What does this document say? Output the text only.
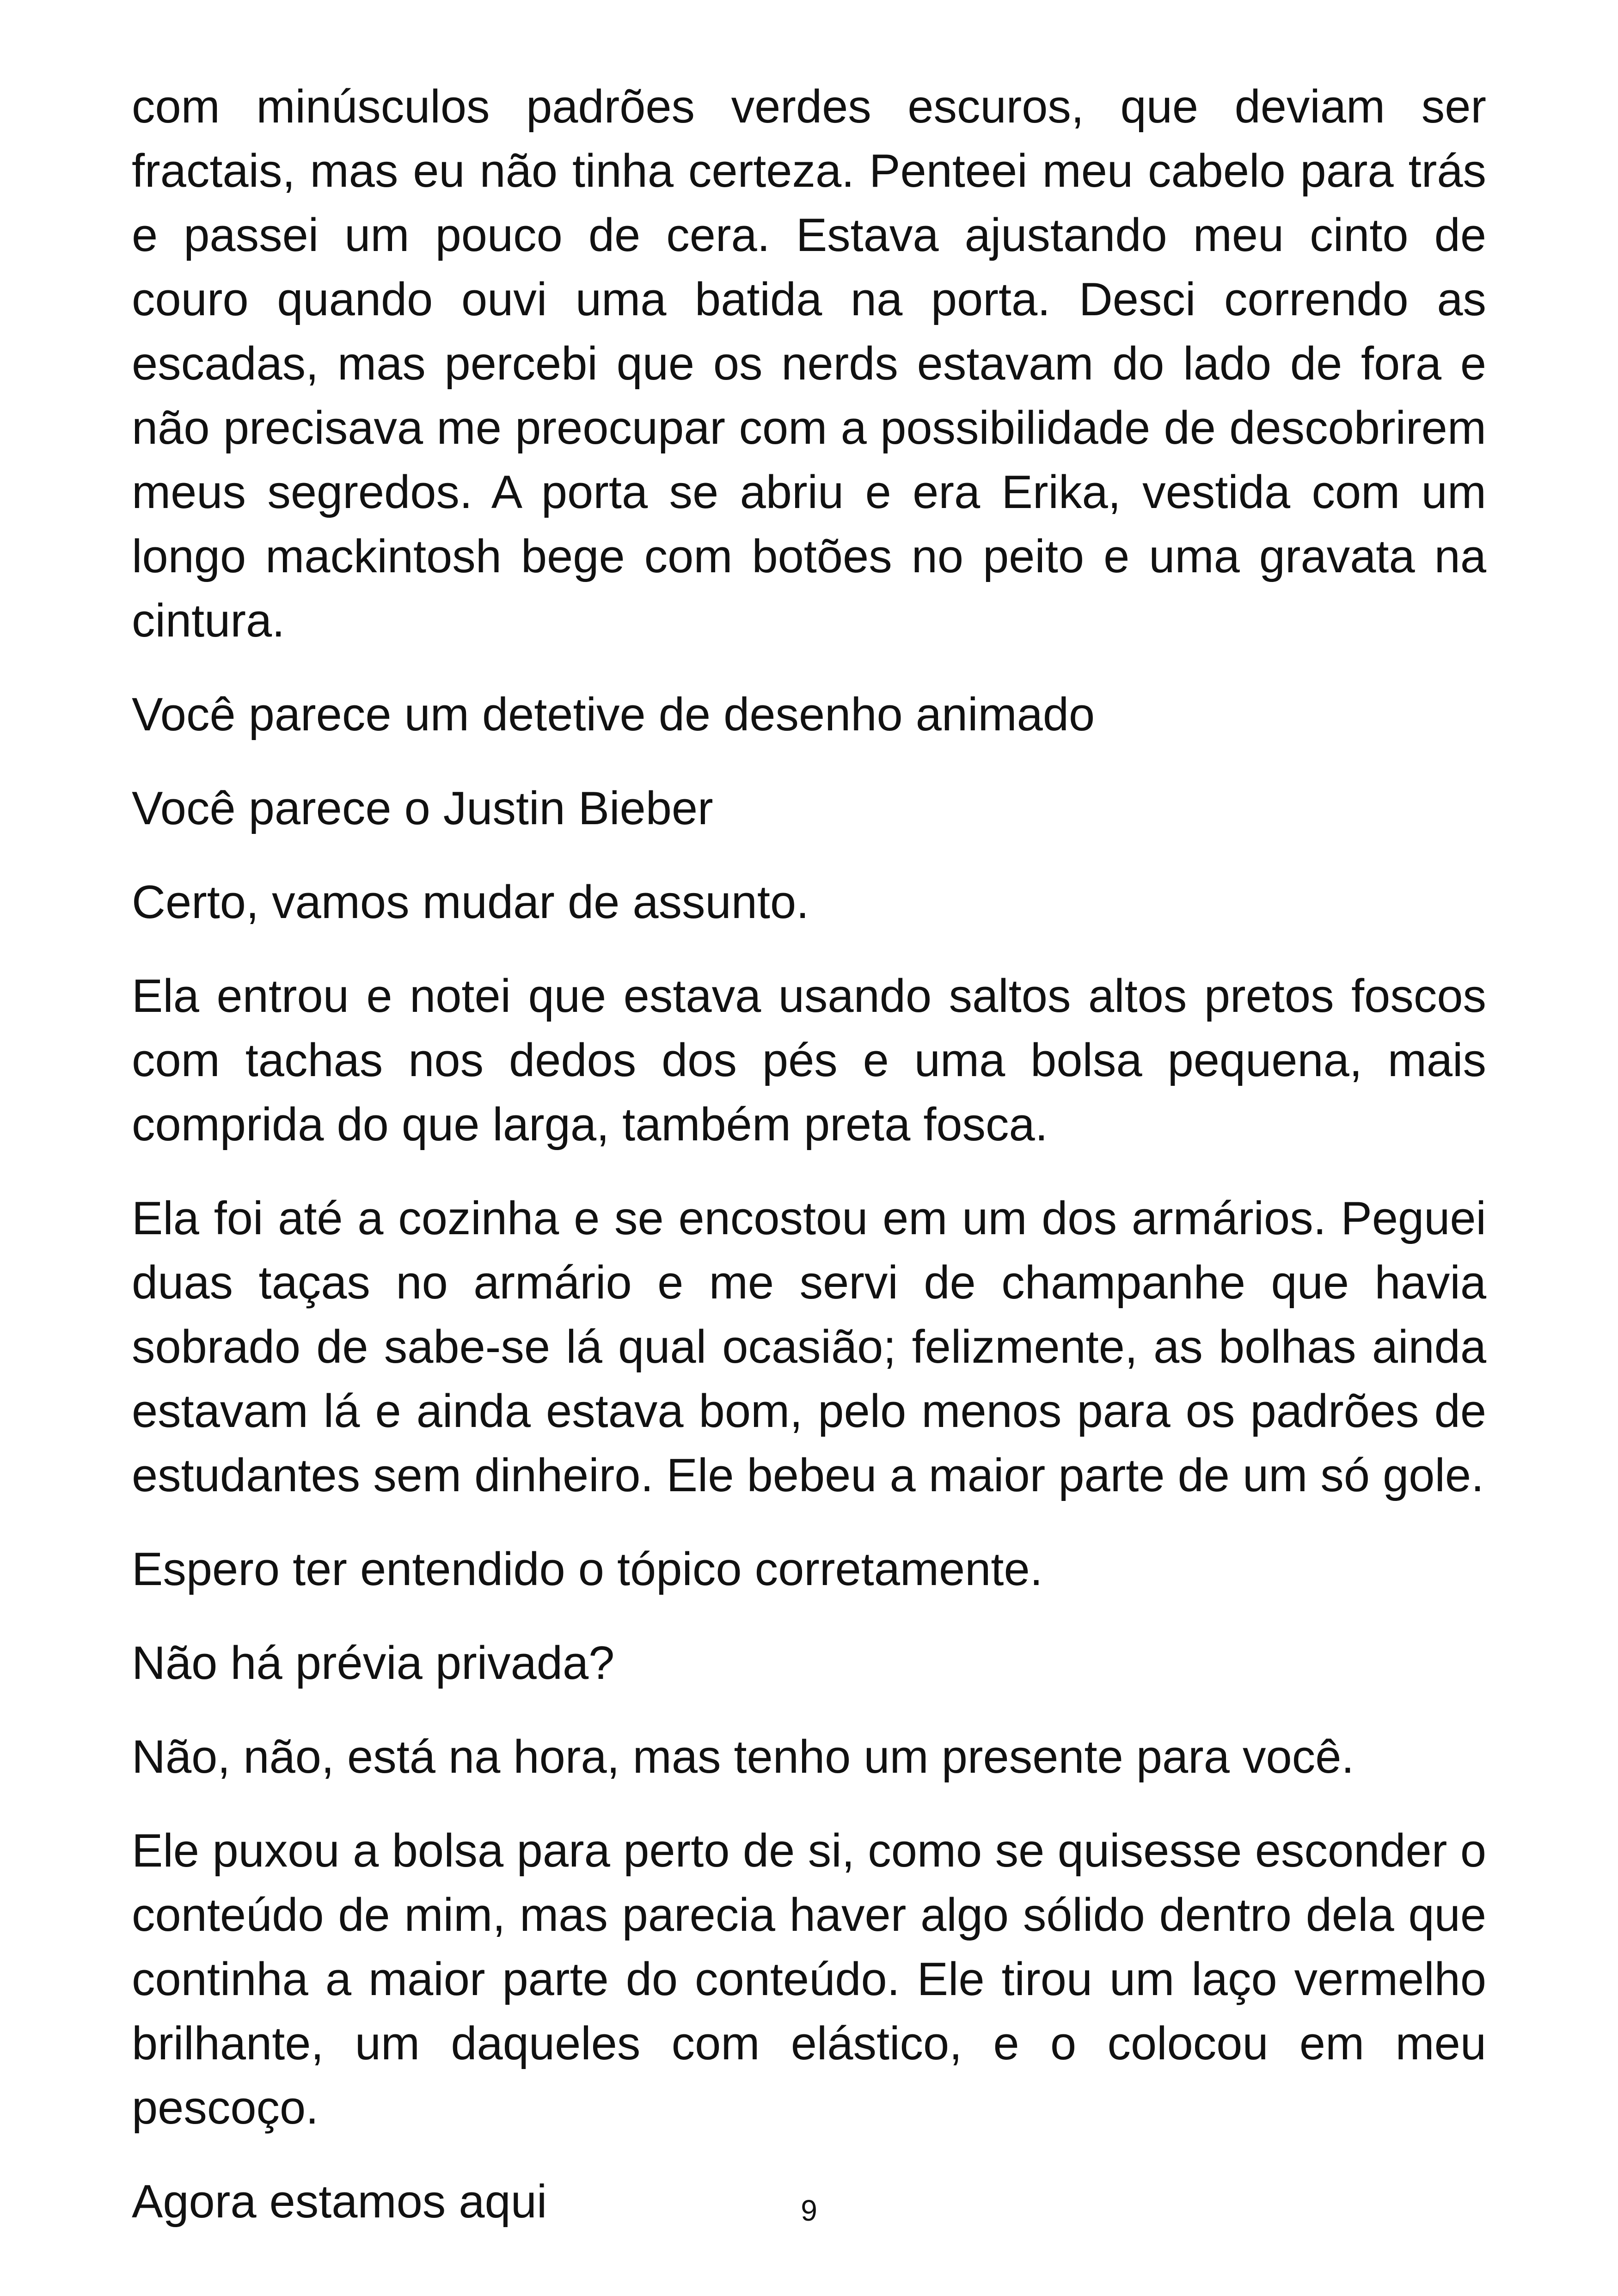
com minúsculos padrões verdes escuros, que deviam ser fractais, mas eu não tinha certeza. Penteei meu cabelo para trás e passei um pouco de cera. Estava ajustando meu cinto de couro quando ouvi uma batida na porta. Desci correndo as escadas, mas percebi que os nerds estavam do lado de fora e não precisava me preocupar com a possibilidade de descobrirem meus segredos. A porta se abriu e era Erika, vestida com um longo mackintosh bege com botões no peito e uma gravata na cintura.

Você parece um detetive de desenho animado

Você parece o Justin Bieber

Certo, vamos mudar de assunto.

Ela entrou e notei que estava usando saltos altos pretos foscos com tachas nos dedos dos pés e uma bolsa pequena, mais comprida do que larga, também preta fosca.

Ela foi até a cozinha e se encostou em um dos armários. Peguei duas taças no armário e me servi de champanhe que havia sobrado de sabe-se lá qual ocasião; felizmente, as bolhas ainda estavam lá e ainda estava bom, pelo menos para os padrões de estudantes sem dinheiro. Ele bebeu a maior parte de um só gole.

Espero ter entendido o tópico corretamente.

Não há prévia privada?

Não, não, está na hora, mas tenho um presente para você.

Ele puxou a bolsa para perto de si, como se quisesse esconder o conteúdo de mim, mas parecia haver algo sólido dentro dela que continha a maior parte do conteúdo. Ele tirou um laço vermelho brilhante, um daqueles com elástico, e o colocou em meu pescoço.

Agora estamos aqui	9
